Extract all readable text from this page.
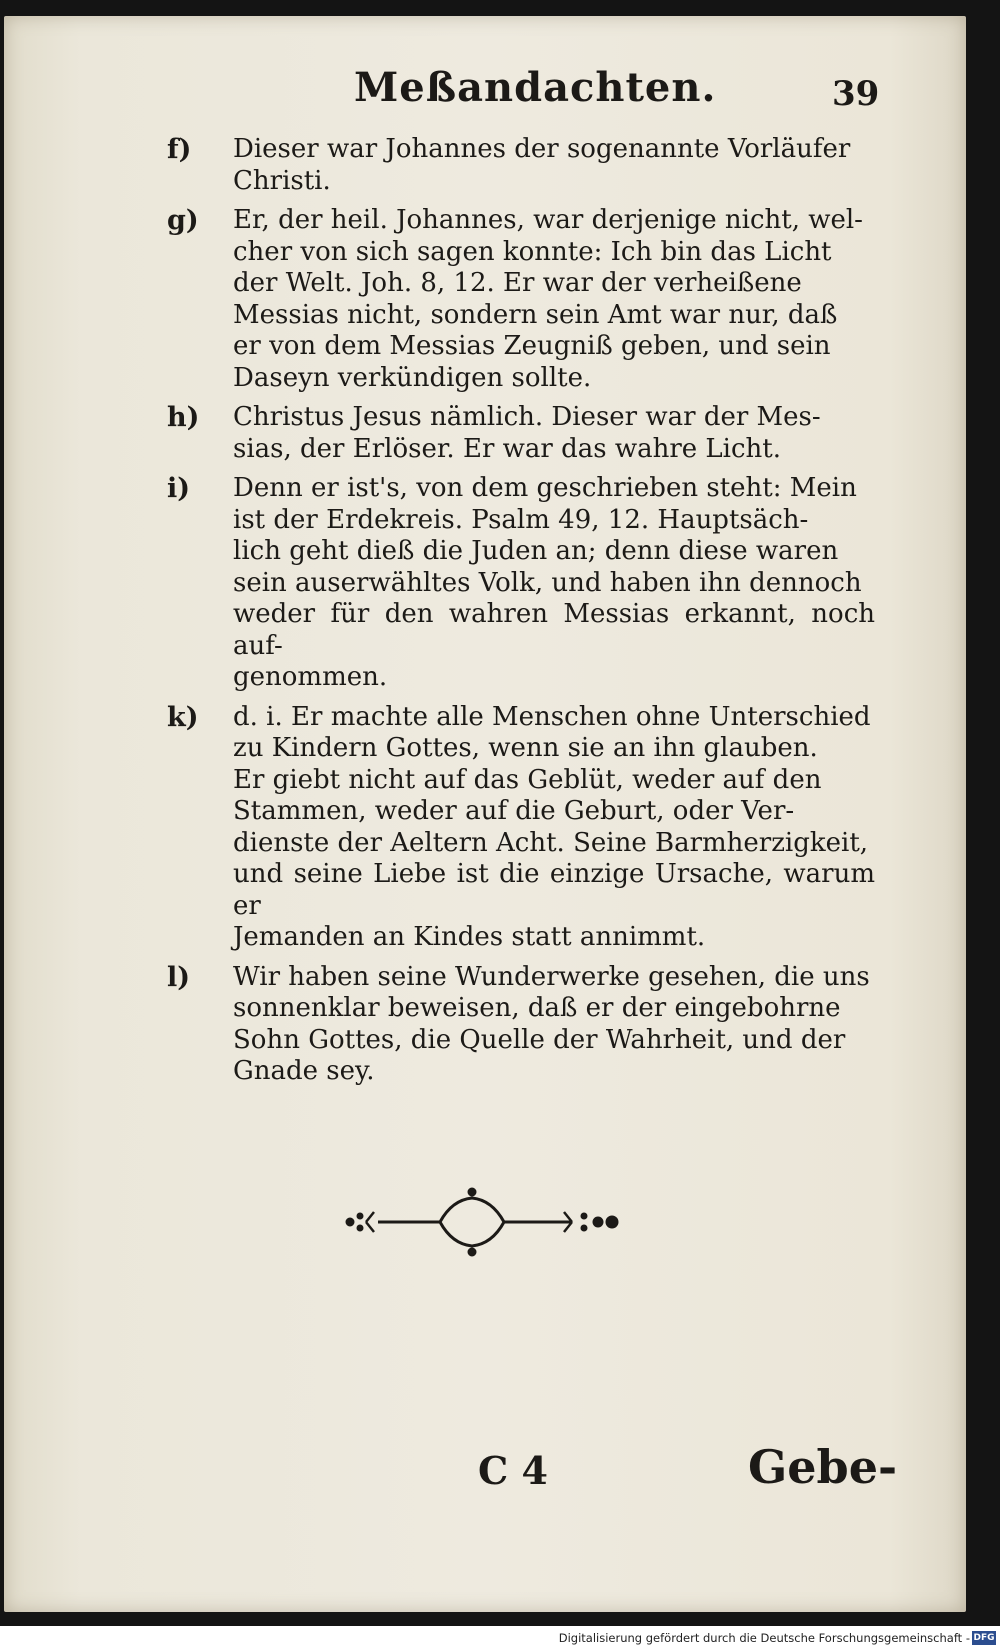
Meßandachten.	39
f) Dieser war Johannes der sogenannte Vorläufer
Christi.
g) Er, der heil. Johannes, war derjenige nicht, wel-
cher von sich sagen konnte: Ich bin das Licht
der Welt. Joh. 8, 12. Er war der verheißene
Messias nicht, sondern sein Amt war nur, daß
er von dem Messias Zeugniß geben, und sein
Daseyn verkündigen sollte.
h) Christus Jesus nämlich. Dieser war der Mes-
sias, der Erlöser. Er war das wahre Licht.
i) Denn er ist's, von dem geschrieben steht: Mein
ist der Erdekreis. Psalm 49, 12. Hauptsäch-
lich geht dieß die Juden an; denn diese waren
sein auserwähltes Volk, und haben ihn dennoch
weder für den wahren Messias erkannt, noch auf-
genommen.
k) d. i. Er machte alle Menschen ohne Unterschied
zu Kindern Gottes, wenn sie an ihn glauben.
Er giebt nicht auf das Geblüt, weder auf den
Stammen, weder auf die Geburt, oder Ver-
dienste der Aeltern Acht. Seine Barmherzigkeit,
und seine Liebe ist die einzige Ursache, warum er
Jemanden an Kindes statt annimmt.
l) Wir haben seine Wunderwerke gesehen, die uns
sonnenklar beweisen, daß er der eingebohrne
Sohn Gottes, die Quelle der Wahrheit, und der
Gnade sey.
C 4	Gebe-
Digitalisierung gefördert durch die Deutsche Forschungsgemeinschaft - DFG
